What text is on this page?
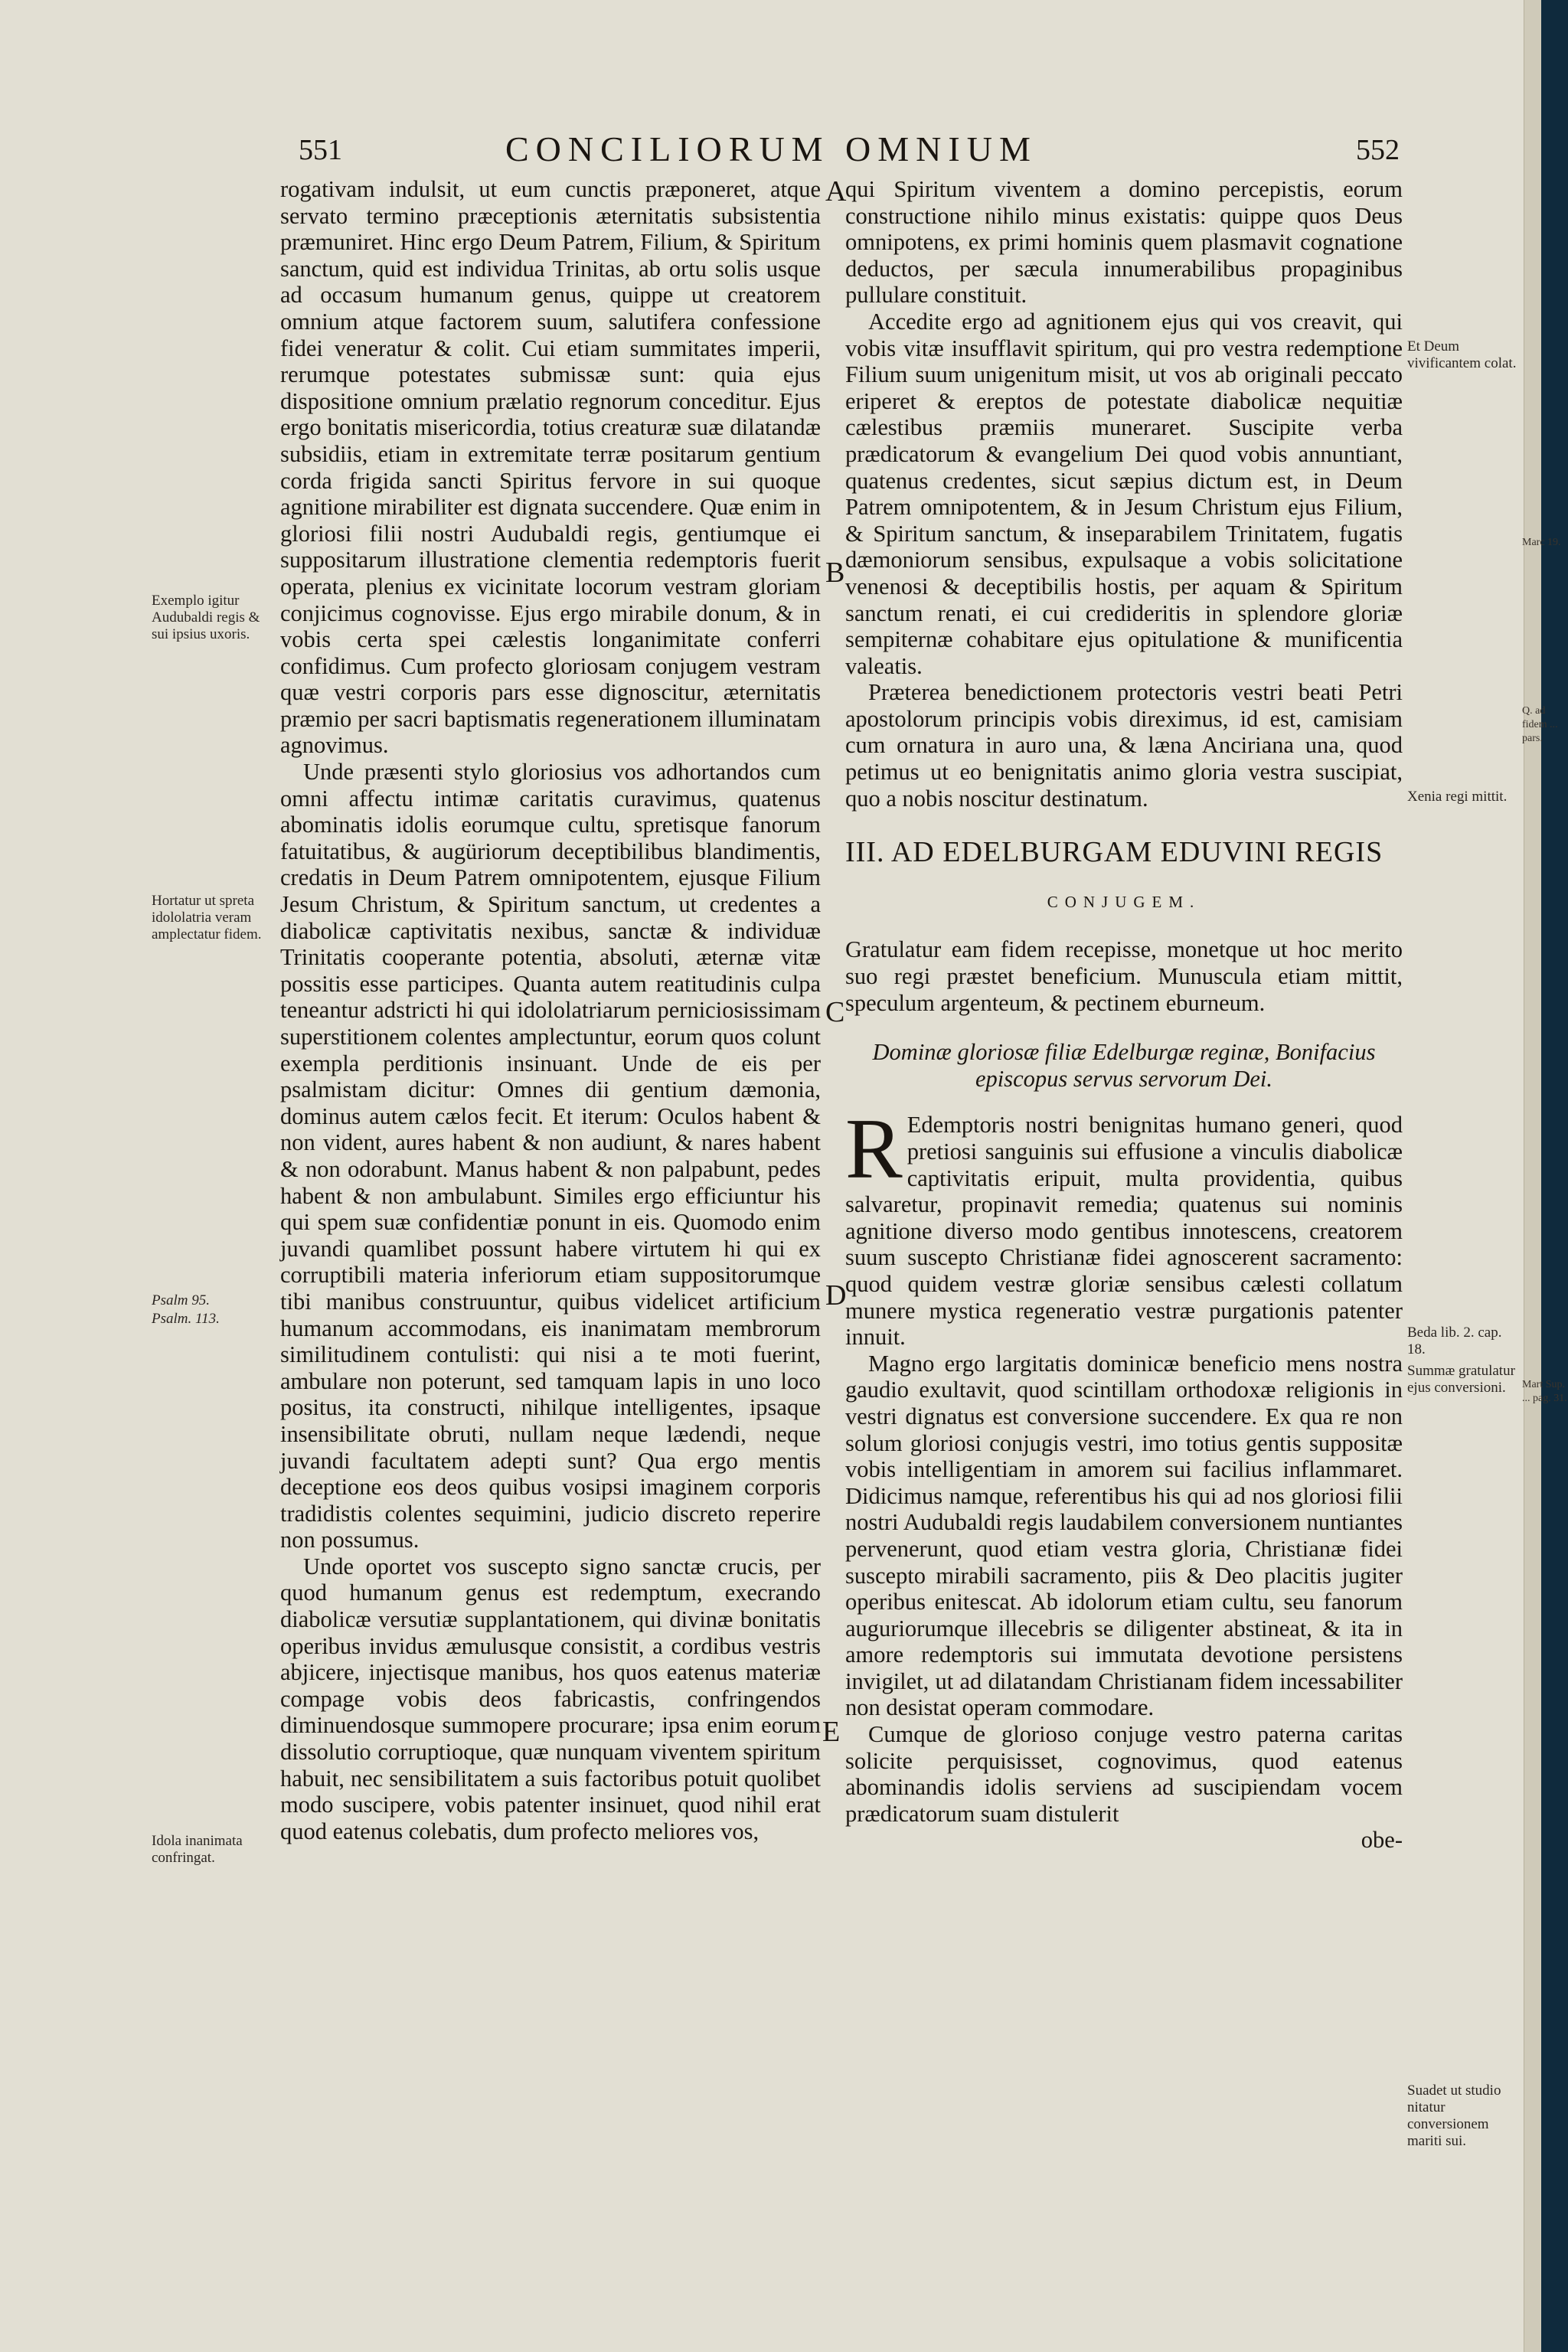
551	CONCILIORUM OMNIUM	552
A
B
C
D
E

rogativam indulsit, ut eum cunctis præponeret, atque servato termino præceptionis æternitatis subsistentia præmuniret. Hinc ergo Deum Patrem, Filium, & Spiritum sanctum, quid est individua Trinitas, ab ortu solis usque ad occasum humanum genus, quippe ut creatorem omnium atque factorem suum, salutifera confessione fidei veneratur & colit. Cui etiam summitates imperii, rerumque potestates submissæ sunt: quia ejus dispositione omnium prælatio regnorum conceditur. Ejus ergo bonitatis misericordia, totius creaturæ suæ dilatandæ subsidiis, etiam in extremitate terræ positarum gentium corda frigida sancti Spiritus fervore in sui quoque agnitione mirabiliter est dignata succendere. Quæ enim in gloriosi filii nostri Audubaldi regis, gentiumque ei suppositarum illustratione clementia redemptoris fuerit operata, plenius ex vicinitate locorum vestram gloriam conjicimus cognovisse. Ejus ergo mirabile donum, & in vobis certa spei cælestis longanimitate conferri confidimus. Cum profecto gloriosam conjugem vestram quæ vestri corporis pars esse dignoscitur, æternitatis præmio per sacri baptismatis regenerationem illuminatam agnovimus.

Unde præsenti stylo gloriosius vos adhortandos cum omni affectu intimæ caritatis curavimus, quatenus abominatis idolis eorumque cultu, spretisque fanorum fatuitatibus, & augüriorum deceptibilibus blandimentis, credatis in Deum Patrem omnipotentem, ejusque Filium Jesum Christum, & Spiritum sanctum, ut credentes a diabolicæ captivitatis nexibus, sanctæ & individuæ Trinitatis cooperante potentia, absoluti, æternæ vitæ possitis esse participes. Quanta autem reatitudinis culpa teneantur adstricti hi qui idololatriarum perniciosissimam superstitionem colentes amplectuntur, eorum quos colunt exempla perditionis insinuant. Unde de eis per psalmistam dicitur: Omnes dii gentium dæmonia, dominus autem cælos fecit. Et iterum: Oculos habent & non vident, aures habent & non audiunt, & nares habent & non odorabunt. Manus habent & non palpabunt, pedes habent & non ambulabunt. Similes ergo efficiuntur his qui spem suæ confidentiæ ponunt in eis. Quomodo enim juvandi quamlibet possunt habere virtutem hi qui ex corruptibili materia inferiorum etiam suppositorumque tibi manibus construuntur, quibus videlicet artificium humanum accommodans, eis inanimatam membrorum similitudinem contulisti: qui nisi a te moti fuerint, ambulare non poterunt, sed tamquam lapis in uno loco positus, ita constructi, nihilque intelligentes, ipsaque insensibilitate obruti, nullam neque lædendi, neque juvandi facultatem adepti sunt? Qua ergo mentis deceptione eos deos quibus vosipsi imaginem corporis tradidistis colentes sequimini, judicio discreto reperire non possumus.

Unde oportet vos suscepto signo sanctæ crucis, per quod humanum genus est redemptum, execrando diabolicæ versutiæ supplantationem, qui divinæ bonitatis operibus invidus æmulusque consistit, a cordibus vestris abjicere, injectisque manibus, hos quos eatenus materiæ compage vobis deos fabricastis, confringendos diminuendosque summopere procurare; ipsa enim eorum dissolutio corruptioque, quæ nunquam viventem spiritum habuit, nec sensibilitatem a suis factoribus potuit quolibet modo suscipere, vobis patenter insinuet, quod nihil erat quod eatenus colebatis, dum profecto meliores vos,

qui Spiritum viventem a domino percepistis, eorum constructione nihilo minus existatis: quippe quos Deus omnipotens, ex primi hominis quem plasmavit cognatione deductos, per sæcula innumerabilibus propaginibus pullulare constituit.

Accedite ergo ad agnitionem ejus qui vos creavit, qui vobis vitæ insufflavit spiritum, qui pro vestra redemptione Filium suum unigenitum misit, ut vos ab originali peccato eriperet & ereptos de potestate diabolicæ nequitiæ cælestibus præmiis muneraret. Suscipite verba prædicatorum & evangelium Dei quod vobis annuntiant, quatenus credentes, sicut sæpius dictum est, in Deum Patrem omnipotentem, & in Jesum Christum ejus Filium, & Spiritum sanctum, & inseparabilem Trinitatem, fugatis dæmoniorum sensibus, expulsaque a vobis solicitatione venenosi & deceptibilis hostis, per aquam & Spiritum sanctum renati, ei cui credideritis in splendore gloriæ sempiternæ cohabitare ejus opitulatione & munificentia valeatis.

Præterea benedictionem protectoris vestri beati Petri apostolorum principis vobis direximus, id est, camisiam cum ornatura in auro una, & læna Anciriana una, quod petimus ut eo benignitatis animo gloria vestra suscipiat, quo a nobis noscitur destinatum.

III. AD EDELBURGAM EDUVINI REGIS
CONJUGEM.

Gratulatur eam fidem recepisse, monetque ut hoc merito suo regi præstet beneficium. Munuscula etiam mittit, speculum argenteum, & pectinem eburneum.

Dominæ gloriosæ filiæ Edelburgæ reginæ, Bonifacius episcopus servus servorum Dei.

R Edemptoris nostri benignitas humano generi, quod pretiosi sanguinis sui effusione a vinculis diabolicæ captivitatis eripuit, multa providentia, quibus salvaretur, propinavit remedia; quatenus sui nominis agnitione diverso modo gentibus innotescens, creatorem suum suscepto Christianæ fidei agnoscerent sacramento: quod quidem vestræ gloriæ sensibus cælesti collatum munere mystica regeneratio vestræ purgationis patenter innuit.

Magno ergo largitatis dominicæ beneficio mens nostra gaudio exultavit, quod scintillam orthodoxæ religionis in vestri dignatus est conversione succendere. Ex qua re non solum gloriosi conjugis vestri, imo totius gentis suppositæ vobis intelligentiam in amorem sui facilius inflammaret. Didicimus namque, referentibus his qui ad nos gloriosi filii nostri Audubaldi regis laudabilem conversionem nuntiantes pervenerunt, quod etiam vestra gloria, Christianæ fidei suscepto mirabili sacramento, piis & Deo placitis jugiter operibus enitescat. Ab idolorum etiam cultu, seu fanorum auguriorumque illecebris se diligenter abstineat, & ita in amore redemptoris sui immutata devotione persistens invigilet, ut ad dilatandam Christianam fidem incessabiliter non desistat operam commodare.

Cumque de glorioso conjuge vestro paterna caritas solicite perquisisset, cognovimus, quod eatenus abominandis idolis serviens ad suscipiendam vocem prædicatorum suam distulerit

obe-

Exemplo igitur Audubaldi regis & sui ipsius uxoris.
Hortatur ut spreta idololatria veram amplectatur fidem.
Psalm 95.
Psalm. 113.
Idola inanimata confringat.
Et Deum vivificantem colat.
Xenia regi mittit.
Beda lib. 2. cap. 18.
Summæ gratulatur ejus conversioni.
Suadet ut studio nitatur conversionem mariti sui.
Marc 19.
Q. ad fidem ... pars.
Mart Sup. ... pag. 31.
